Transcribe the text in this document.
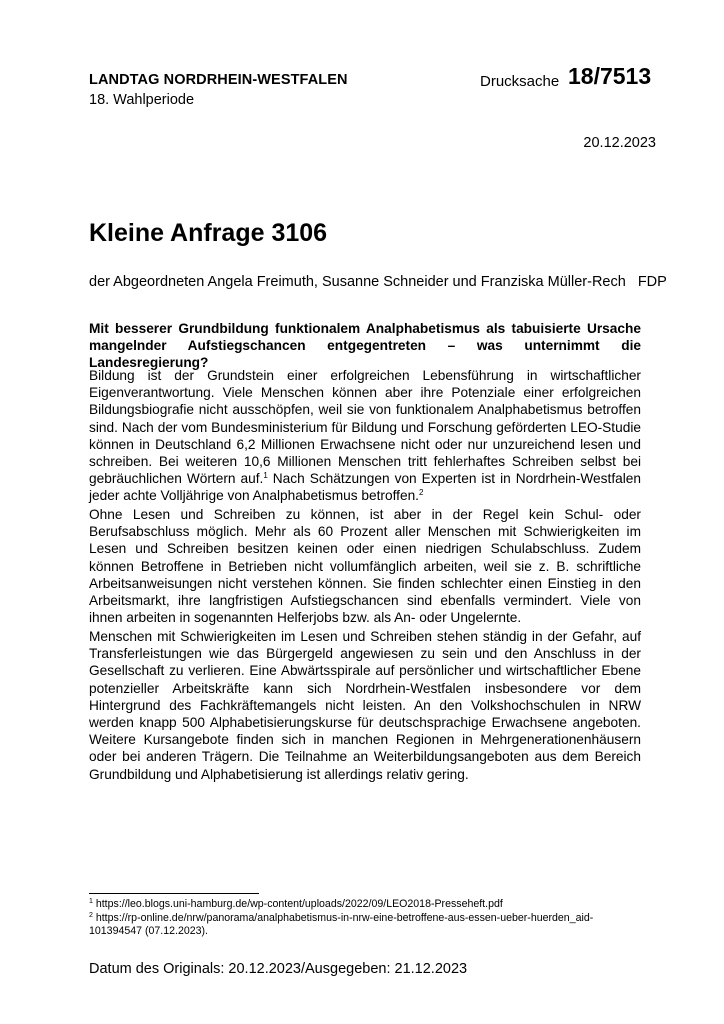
LANDTAG NORDRHEIN-WESTFALEN
18. Wahlperiode
Drucksache 18/7513
20.12.2023
Kleine Anfrage 3106
der Abgeordneten Angela Freimuth, Susanne Schneider und Franziska Müller-Rech FDP
Mit besserer Grundbildung funktionalem Analphabetismus als tabuisierte Ursache mangelnder Aufstiegschancen entgegentreten – was unternimmt die Landesregierung?
Bildung ist der Grundstein einer erfolgreichen Lebensführung in wirtschaftlicher Eigenverantwortung. Viele Menschen können aber ihre Potenziale einer erfolgreichen Bildungsbiografie nicht ausschöpfen, weil sie von funktionalem Analphabetismus betroffen sind. Nach der vom Bundesministerium für Bildung und Forschung geförderten LEO-Studie können in Deutschland 6,2 Millionen Erwachsene nicht oder nur unzureichend lesen und schreiben. Bei weiteren 10,6 Millionen Menschen tritt fehlerhaftes Schreiben selbst bei gebräuchlichen Wörtern auf.$^1$ Nach Schätzungen von Experten ist in Nordrhein-Westfalen jeder achte Volljährige von Analphabetismus betroffen.$^2$
Ohne Lesen und Schreiben zu können, ist aber in der Regel kein Schul- oder Berufsabschluss möglich. Mehr als 60 Prozent aller Menschen mit Schwierigkeiten im Lesen und Schreiben besitzen keinen oder einen niedrigen Schulabschluss. Zudem können Betroffene in Betrieben nicht vollumfänglich arbeiten, weil sie z. B. schriftliche Arbeitsanweisungen nicht verstehen können. Sie finden schlechter einen Einstieg in den Arbeitsmarkt, ihre langfristigen Aufstiegschancen sind ebenfalls vermindert. Viele von ihnen arbeiten in sogenannten Helferjobs bzw. als An- oder Ungelernte.
Menschen mit Schwierigkeiten im Lesen und Schreiben stehen ständig in der Gefahr, auf Transferleistungen wie das Bürgergeld angewiesen zu sein und den Anschluss in der Gesellschaft zu verlieren. Eine Abwärtsspirale auf persönlicher und wirtschaftlicher Ebene potenzieller Arbeitskräfte kann sich Nordrhein-Westfalen insbesondere vor dem Hintergrund des Fachkräftemangels nicht leisten. An den Volkshochschulen in NRW werden knapp 500 Alphabetisierungskurse für deutschsprachige Erwachsene angeboten. Weitere Kursangebote finden sich in manchen Regionen in Mehrgenerationenhäusern oder bei anderen Trägern. Die Teilnahme an Weiterbildungsangeboten aus dem Bereich Grundbildung und Alphabetisierung ist allerdings relativ gering.
$^1$ https://leo.blogs.uni-hamburg.de/wp-content/uploads/2022/09/LEO2018-Presseheft.pdf
$^2$ https://rp-online.de/nrw/panorama/analphabetismus-in-nrw-eine-betroffene-aus-essen-ueber-huerden_aid-101394547 (07.12.2023).
Datum des Originals: 20.12.2023/Ausgegeben: 21.12.2023
